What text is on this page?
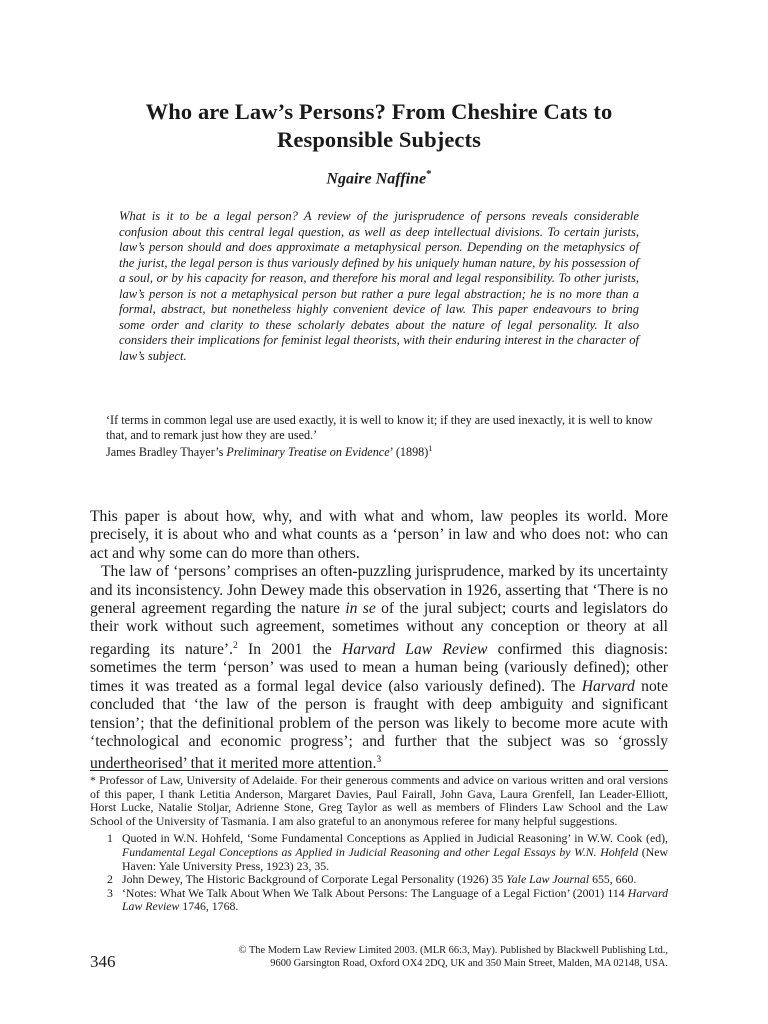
Who are Law’s Persons? From Cheshire Cats to
Responsible Subjects
Ngaire Naffine*
What is it to be a legal person? A review of the jurisprudence of persons reveals considerable confusion about this central legal question, as well as deep intellectual divisions. To certain jurists, law’s person should and does approximate a metaphysical person. Depending on the metaphysics of the jurist, the legal person is thus variously defined by his uniquely human nature, by his possession of a soul, or by his capacity for reason, and therefore his moral and legal responsibility. To other jurists, law’s person is not a metaphysical person but rather a pure legal abstraction; he is no more than a formal, abstract, but nonetheless highly convenient device of law. This paper endeavours to bring some order and clarity to these scholarly debates about the nature of legal personality. It also considers their implications for feminist legal theorists, with their enduring interest in the character of law’s subject.
‘If terms in common legal use are used exactly, it is well to know it; if they are used inexactly, it is well to know that, and to remark just how they are used.’
James Bradley Thayer’s Preliminary Treatise on Evidence’ $(1898)^1$

This paper is about how, why, and with what and whom, law peoples its world. More precisely, it is about who and what counts as a ‘person’ in law and who does not: who can act and why some can do more than others.

The law of ‘persons’ comprises an often-puzzling jurisprudence, marked by its uncertainty and its inconsistency. John Dewey made this observation in 1926, asserting that ‘There is no general agreement regarding the nature in se of the jural subject; courts and legislators do their work without such agreement, sometimes without any conception or theory at all regarding its nature’.$^2$ In 2001 the Harvard Law Review confirmed this diagnosis: sometimes the term ‘person’ was used to mean a human being (variously defined); other times it was treated as a formal legal device (also variously defined). The Harvard note concluded that ‘the law of the person is fraught with deep ambiguity and significant tension’; that the definitional problem of the person was likely to become more acute with ‘technological and economic progress’; and further that the subject was so ‘grossly undertheorised’ that it merited more attention.$^3$

* Professor of Law, University of Adelaide. For their generous comments and advice on various written and oral versions of this paper, I thank Letitia Anderson, Margaret Davies, Paul Fairall, John Gava, Laura Grenfell, Ian Leader-Elliott, Horst Lucke, Natalie Stoljar, Adrienne Stone, Greg Taylor as well as members of Flinders Law School and the Law School of the University of Tasmania. I am also grateful to an anonymous referee for many helpful suggestions.
1 Quoted in W.N. Hohfeld, ‘Some Fundamental Conceptions as Applied in Judicial Reasoning’ in W.W. Cook (ed), Fundamental Legal Conceptions as Applied in Judicial Reasoning and other Legal Essays by W.N. Hohfeld (New Haven: Yale University Press, 1923) 23, 35.
2 John Dewey, The Historic Background of Corporate Legal Personality (1926) 35 Yale Law Journal 655, 660.
3 ‘Notes: What We Talk About When We Talk About Persons: The Language of a Legal Fiction’ (2001) 114 Harvard Law Review 1746, 1768.
346
© The Modern Law Review Limited 2003. (MLR 66:3, May). Published by Blackwell Publishing Ltd.,
9600 Garsington Road, Oxford OX4 2DQ, UK and 350 Main Street, Malden, MA 02148, USA.
